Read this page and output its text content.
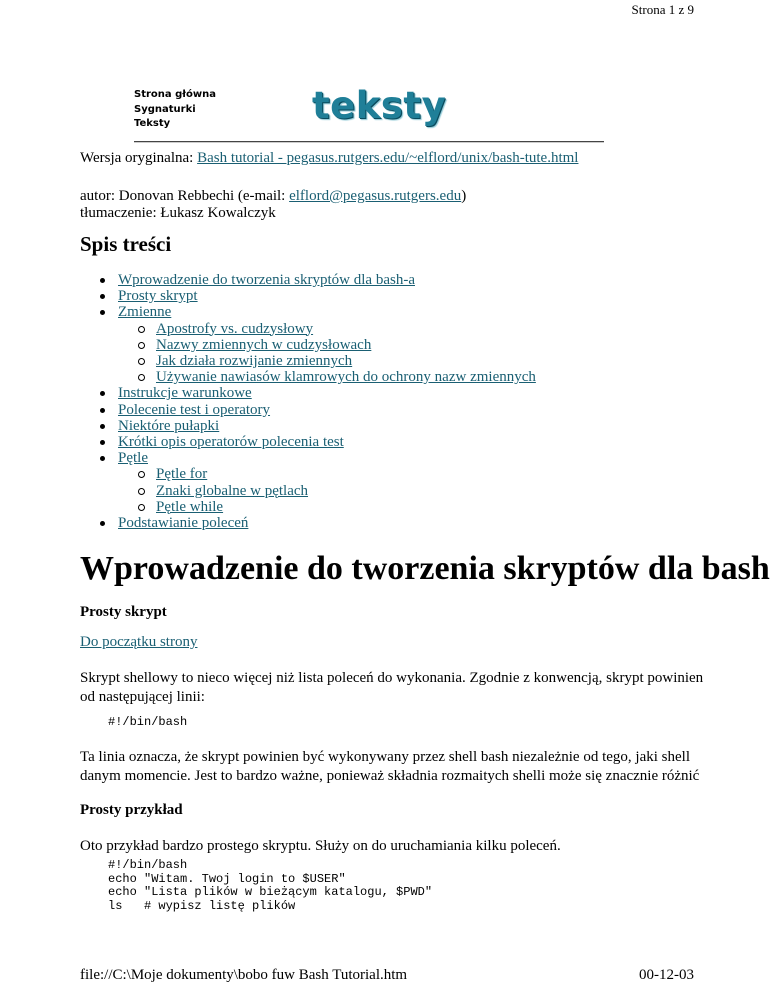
Strona 1 z 9
Strona główna
Sygnaturki
Teksty	teksty
Wersja oryginalna: Bash tutorial - pegasus.rutgers.edu/~elflord/unix/bash-tute.html
autor: Donovan Rebbechi (e-mail: elflord@pegasus.rutgers.edu)
tłumaczenie: Łukasz Kowalczyk
Spis treści
Wprowadzenie do tworzenia skryptów dla bash-a
Prosty skrypt
Zmienne
Apostrofy vs. cudzysłowy
Nazwy zmiennych w cudzysłowach
Jak działa rozwijanie zmiennych
Używanie nawiasów klamrowych do ochrony nazw zmiennych
Instrukcje warunkowe
Polecenie test i operatory
Niektóre pułapki
Krótki opis operatorów polecenia test
Pętle
Pętle for
Znaki globalne w pętlach
Pętle while
Podstawianie poleceń
Wprowadzenie do tworzenia skryptów dla bash
Prosty skrypt
Do początku strony
Skrypt shellowy to nieco więcej niż lista poleceń do wykonania. Zgodnie z konwencją, skrypt powinien
od następującej linii:
#!/bin/bash
Ta linia oznacza, że skrypt powinien być wykonywany przez shell bash niezależnie od tego, jaki shell
danym momencie. Jest to bardzo ważne, ponieważ składnia rozmaitych shelli może się znacznie różnić
Prosty przykład
Oto przykład bardzo prostego skryptu. Służy on do uruchamiania kilku poleceń.
#!/bin/bash
echo "Witam. Twoj login to $USER"
echo "Lista plików w bieżącym katalogu, $PWD"
ls   # wypisz listę plików
file://C:\Moje dokumenty\bobo fuw Bash Tutorial.htm	00-12-03
